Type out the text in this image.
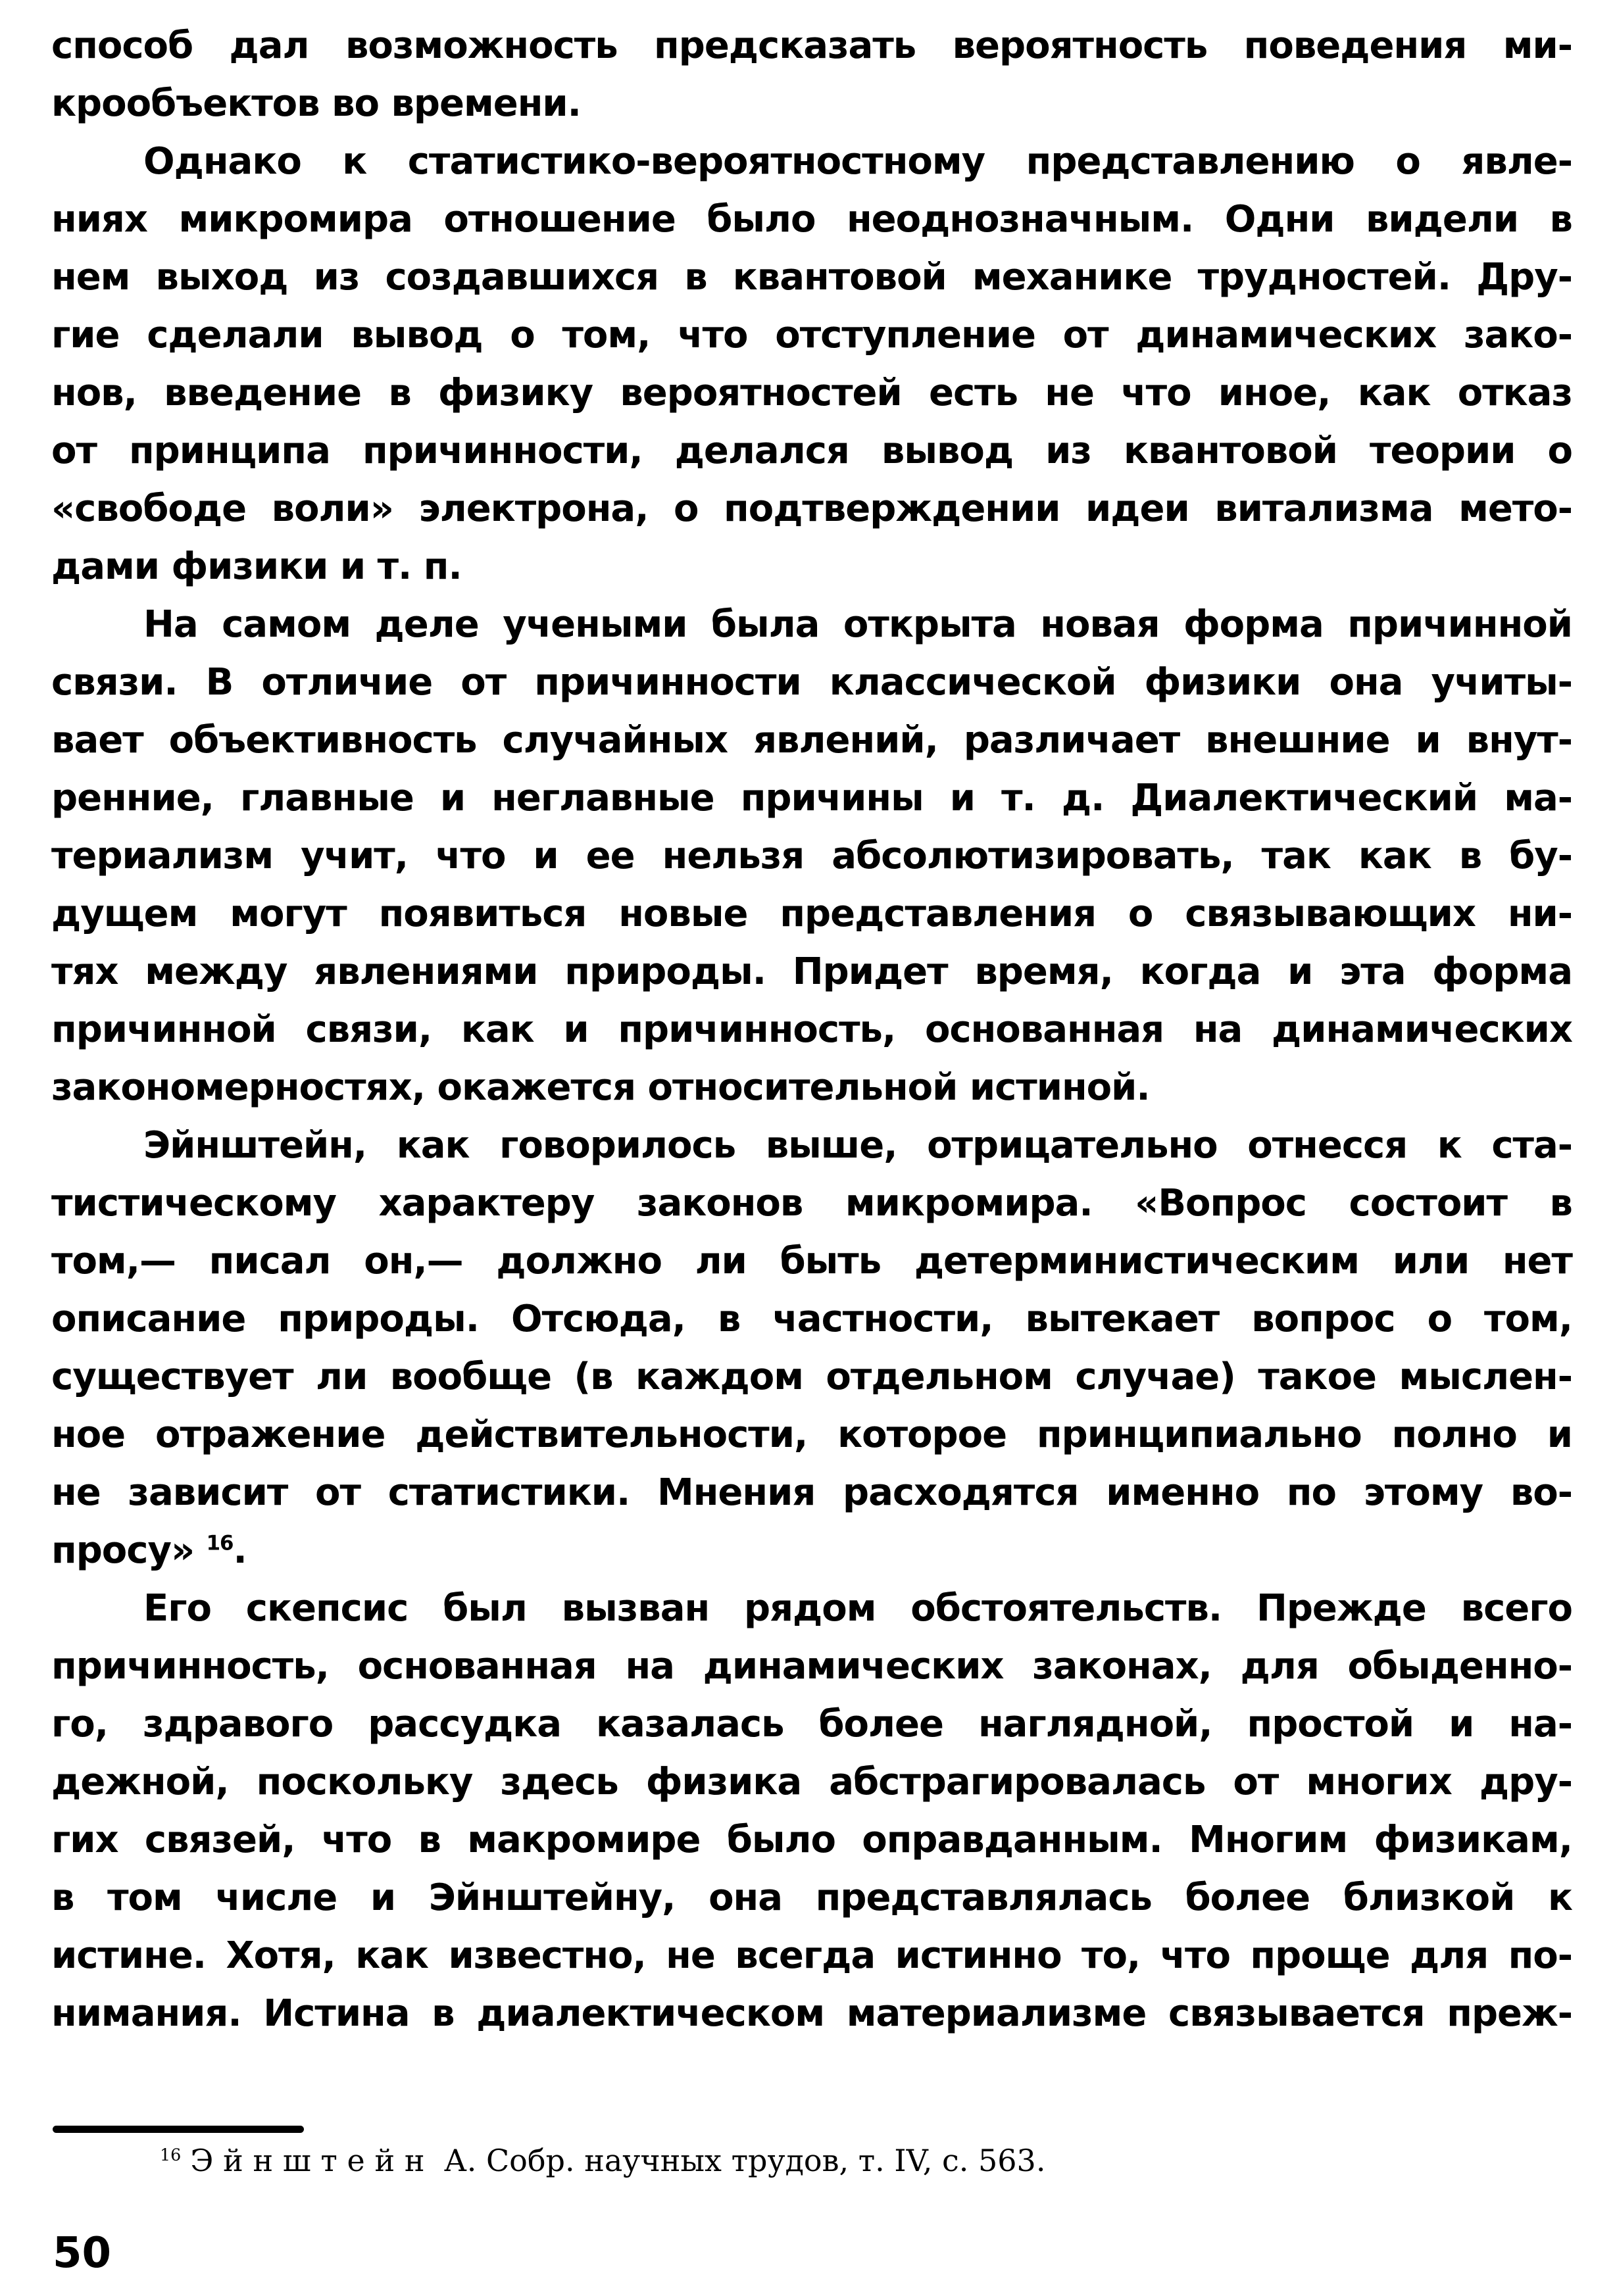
способ дал возможность предсказать вероятность поведения ми-
крообъектов во времени.
Однако к статистико-вероятностному представлению о явле-
ниях микромира отношение было неоднозначным. Одни видели в
нем выход из создавшихся в квантовой механике трудностей. Дру-
гие сделали вывод о том, что отступление от динамических зако-
нов, введение в физику вероятностей есть не что иное, как отказ
от принципа причинности, делался вывод из квантовой теории о
«свободе воли» электрона, о подтверждении идеи витализма мето-
дами физики и т. п.
На самом деле учеными была открыта новая форма причинной
связи. В отличие от причинности классической физики она учиты-
вает объективность случайных явлений, различает внешние и внут-
ренние, главные и неглавные причины и т. д. Диалектический ма-
териализм учит, что и ее нельзя абсолютизировать, так как в бу-
дущем могут появиться новые представления о связывающих ни-
тях между явлениями природы. Придет время, когда и эта форма
причинной связи, как и причинность, основанная на динамических
закономерностях, окажется относительной истиной.
Эйнштейн, как говорилось выше, отрицательно отнесся к ста-
тистическому характеру законов микромира. «Вопрос состоит в
том,— писал он,— должно ли быть детерминистическим или нет
описание природы. Отсюда, в частности, вытекает вопрос о том,
существует ли вообще (в каждом отдельном случае) такое мыслен-
ное отражение действительности, которое принципиально полно и
не зависит от статистики. Мнения расходятся именно по этому во-
просу» $^{16}$.
Его скепсис был вызван рядом обстоятельств. Прежде всего
причинность, основанная на динамических законах, для обыденно-
го, здравого рассудка казалась более наглядной, простой и на-
дежной, поскольку здесь физика абстрагировалась от многих дру-
гих связей, что в макромире было оправданным. Многим физикам,
в том числе и Эйнштейну, она представлялась более близкой к
истине. Хотя, как известно, не всегда истинно то, что проще для по-
нимания. Истина в диалектическом материализме связывается преж-
$^{16}$ Эйнштейн А. Собр. научных трудов, т. IV, с. 563.
50
